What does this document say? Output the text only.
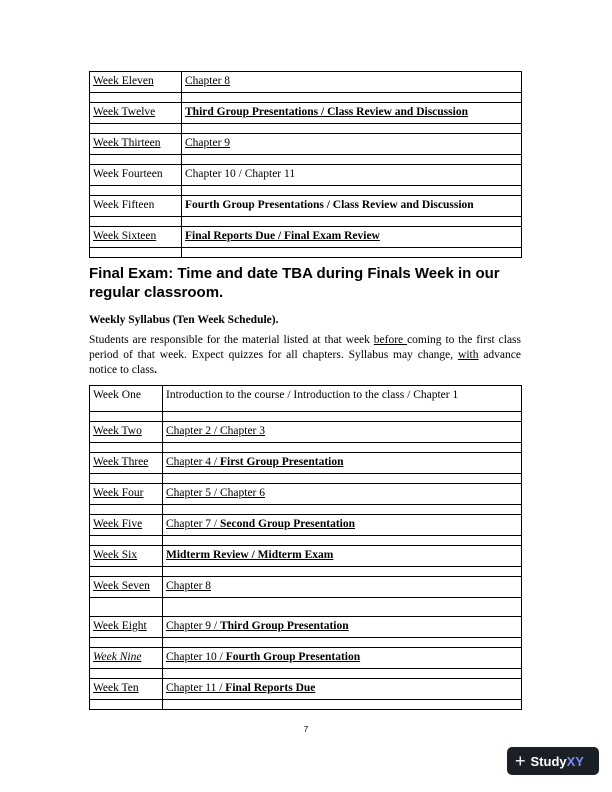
Week Eleven	Chapter 8

Week Twelve	Third Group Presentations / Class Review and Discussion

Week Thirteen	Chapter 9

Week Fourteen	Chapter 10 / Chapter 11

Week Fifteen	Fourth Group Presentations / Class Review and Discussion

Week Sixteen	Final Reports Due / Final Exam Review

Final Exam: Time and date TBA during Finals Week in our regular classroom.
Weekly Syllabus (Ten Week Schedule).
Students are responsible for the material listed at that week before coming to the first class period of that week. Expect quizzes for all chapters. Syllabus may change, with advance notice to class.
Week One	Introduction to the course / Introduction to the class / Chapter 1

Week Two	Chapter 2 / Chapter 3

Week Three	Chapter 4 / First Group Presentation

Week Four	Chapter 5 / Chapter 6

Week Five	Chapter 7 / Second Group Presentation

Week Six	Midterm Review / Midterm Exam

Week Seven	Chapter 8

Week Eight	Chapter 9 / Third Group Presentation

Week Nine	Chapter 10 / Fourth Group Presentation

Week Ten	Chapter 11 / Final Reports Due

7
+ Study XY
